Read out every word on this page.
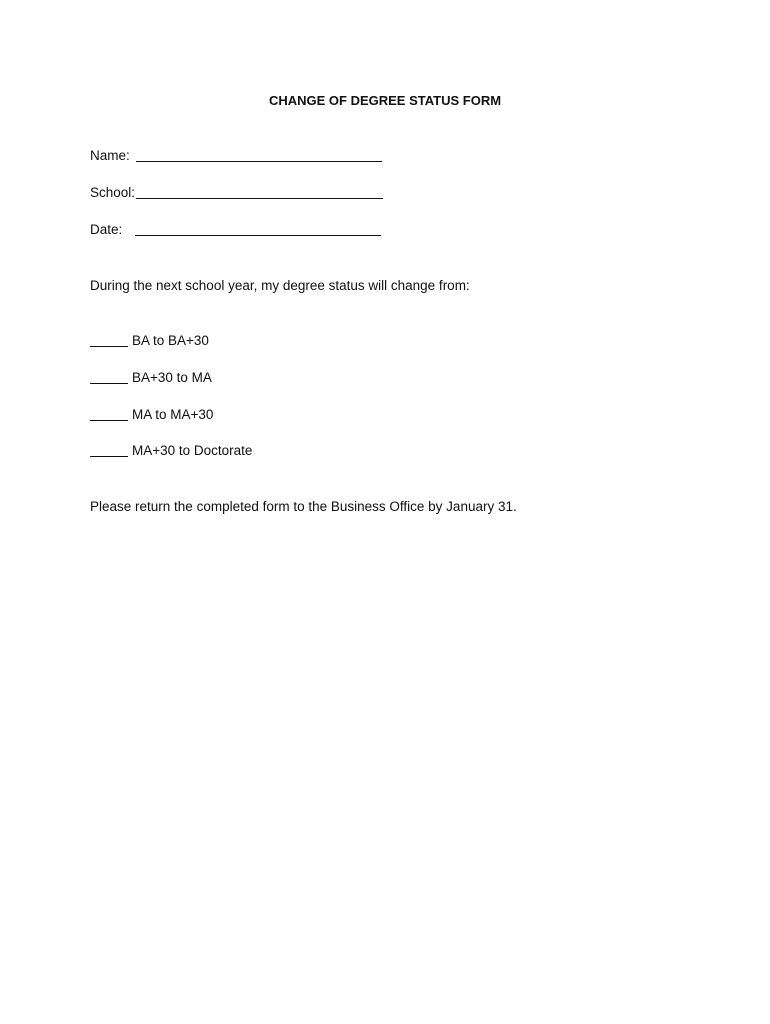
CHANGE OF DEGREE STATUS FORM
Name:
School:
Date:
During the next school year, my degree status will change from:
BA to BA+30
BA+30 to MA
MA to MA+30
MA+30 to Doctorate
Please return the completed form to the Business Office by January 31.
